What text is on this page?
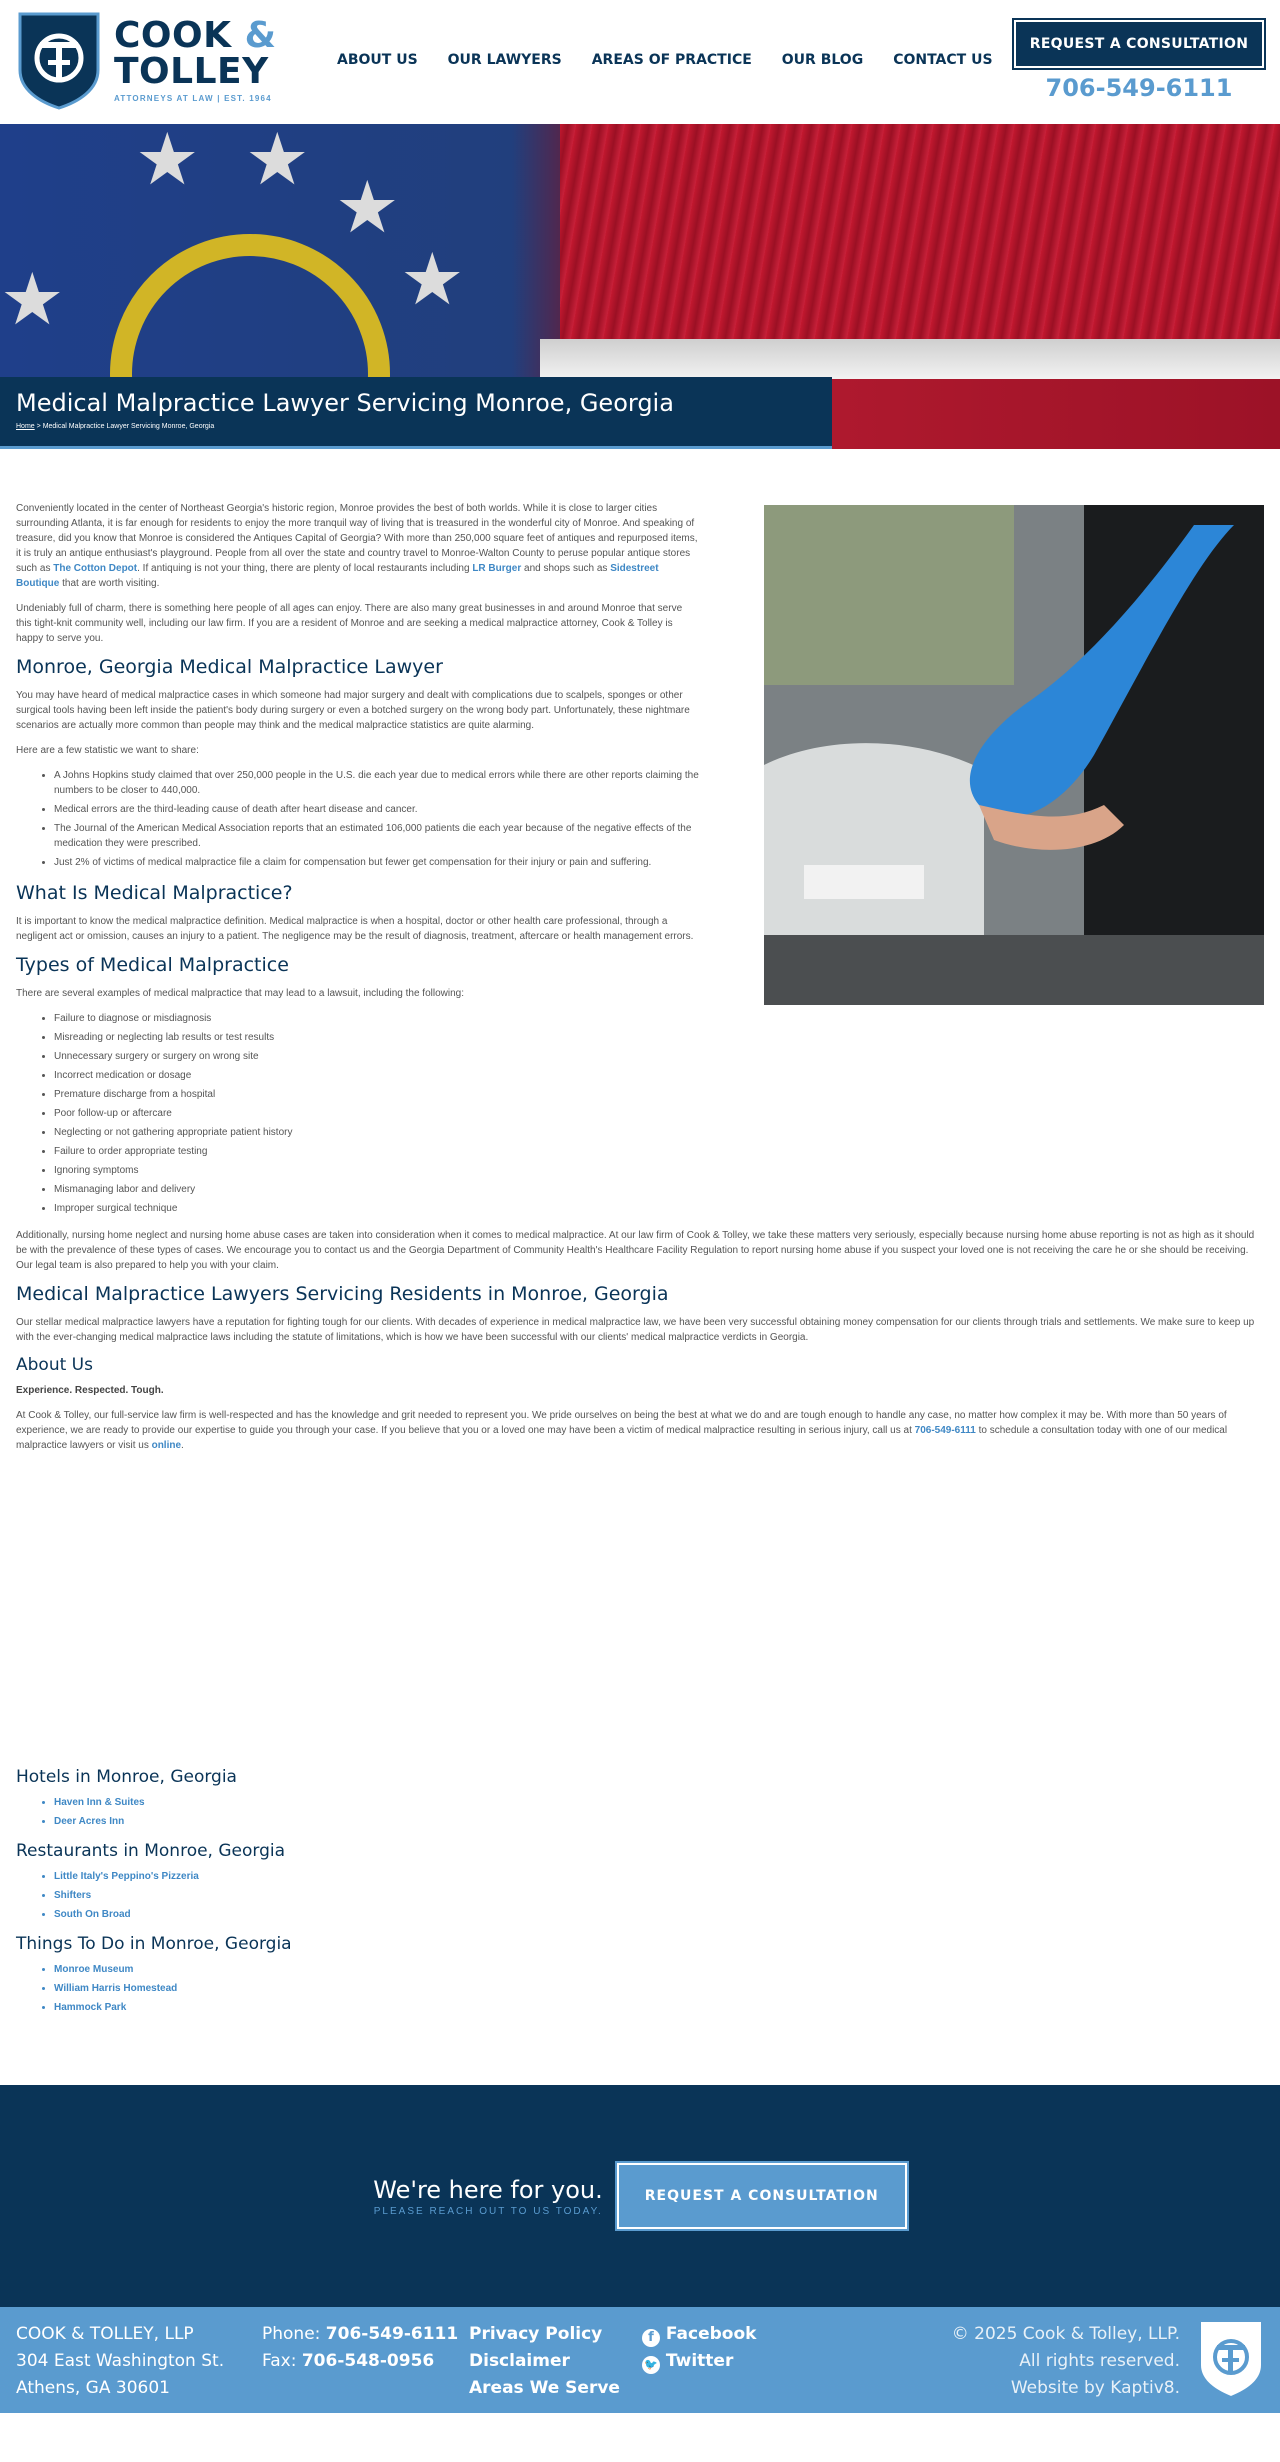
COOK &
TOLLEY
ATTORNEYS AT LAW | EST. 1964
ABOUT US	OUR LAWYERS	AREAS OF PRACTICE	OUR BLOG	CONTACT US
REQUEST A CONSULTATION
706-549-6111
★ ★
★
★
★
Medical Malpractice Lawyer Servicing Monroe, Georgia
Home > Medical Malpractice Lawyer Servicing Monroe, Georgia

Conveniently located in the center of Northeast Georgia's historic region, Monroe provides the best of both worlds. While it is close to larger cities surrounding Atlanta, it is far enough for residents to enjoy the more tranquil way of living that is treasured in the wonderful city of Monroe. And speaking of treasure, did you know that Monroe is considered the Antiques Capital of Georgia? With more than 250,000 square feet of antiques and repurposed items, it is truly an antique enthusiast's playground. People from all over the state and country travel to Monroe-Walton County to peruse popular antique stores such as The Cotton Depot. If antiquing is not your thing, there are plenty of local restaurants including LR Burger and shops such as Sidestreet Boutique that are worth visiting.

Undeniably full of charm, there is something here people of all ages can enjoy. There are also many great businesses in and around Monroe that serve this tight-knit community well, including our law firm. If you are a resident of Monroe and are seeking a medical malpractice attorney, Cook & Tolley is happy to serve you.

Monroe, Georgia Medical Malpractice Lawyer

You may have heard of medical malpractice cases in which someone had major surgery and dealt with complications due to scalpels, sponges or other surgical tools having been left inside the patient's body during surgery or even a botched surgery on the wrong body part. Unfortunately, these nightmare scenarios are actually more common than people may think and the medical malpractice statistics are quite alarming.

Here are a few statistic we want to share:

• A Johns Hopkins study claimed that over 250,000 people in the U.S. die each year due to medical errors while there are other reports claiming the numbers to be closer to 440,000.
• Medical errors are the third-leading cause of death after heart disease and cancer.
• The Journal of the American Medical Association reports that an estimated 106,000 patients die each year because of the negative effects of the medication they were prescribed.
• Just 2% of victims of medical malpractice file a claim for compensation but fewer get compensation for their injury or pain and suffering.
What Is Medical Malpractice?

It is important to know the medical malpractice definition. Medical malpractice is when a hospital, doctor or other health care professional, through a negligent act or omission, causes an injury to a patient. The negligence may be the result of diagnosis, treatment, aftercare or health management errors.

Types of Medical Malpractice

There are several examples of medical malpractice that may lead to a lawsuit, including the following:

• Failure to diagnose or misdiagnosis
• Misreading or neglecting lab results or test results
• Unnecessary surgery or surgery on wrong site
• Incorrect medication or dosage
• Premature discharge from a hospital
• Poor follow-up or aftercare
• Neglecting or not gathering appropriate patient history
• Failure to order appropriate testing
• Ignoring symptoms
• Mismanaging labor and delivery
• Improper surgical technique

Additionally, nursing home neglect and nursing home abuse cases are taken into consideration when it comes to medical malpractice. At our law firm of Cook & Tolley, we take these matters very seriously, especially because nursing home abuse reporting is not as high as it should be with the prevalence of these types of cases. We encourage you to contact us and the Georgia Department of Community Health's Healthcare Facility Regulation to report nursing home abuse if you suspect your loved one is not receiving the care he or she should be receiving. Our legal team is also prepared to help you with your claim.

Medical Malpractice Lawyers Servicing Residents in Monroe, Georgia

Our stellar medical malpractice lawyers have a reputation for fighting tough for our clients. With decades of experience in medical malpractice law, we have been very successful obtaining money compensation for our clients through trials and settlements. We make sure to keep up with the ever-changing medical malpractice laws including the statute of limitations, which is how we have been successful with our clients' medical malpractice verdicts in Georgia.

About Us

Experience. Respected. Tough.

At Cook & Tolley, our full-service law firm is well-respected and has the knowledge and grit needed to represent you. We pride ourselves on being the best at what we do and are tough enough to handle any case, no matter how complex it may be. With more than 50 years of experience, we are ready to provide our expertise to guide you through your case. If you believe that you or a loved one may have been a victim of medical malpractice resulting in serious injury, call us at 706-549-6111 to schedule a consultation today with one of our medical malpractice lawyers or visit us online.

Hotels in Monroe, Georgia
• Haven Inn & Suites
• Deer Acres Inn
Restaurants in Monroe, Georgia
• Little Italy's Peppino's Pizzeria
• Shifters
• South On Broad
Things To Do in Monroe, Georgia
• Monroe Museum
• William Harris Homestead
• Hammock Park
We're here for you.
PLEASE REACH OUT TO US TODAY.
REQUEST A CONSULTATION
COOK & TOLLEY, LLP
304 East Washington St.
Athens, GA 30601
Phone: 706-549-6111
Fax: 706-548-0956
Privacy Policy
Disclaimer
Areas We Serve
f Facebook
🐦 Twitter
© 2025 Cook & Tolley, LLP.
All rights reserved.
Website by Kaptiv8.
